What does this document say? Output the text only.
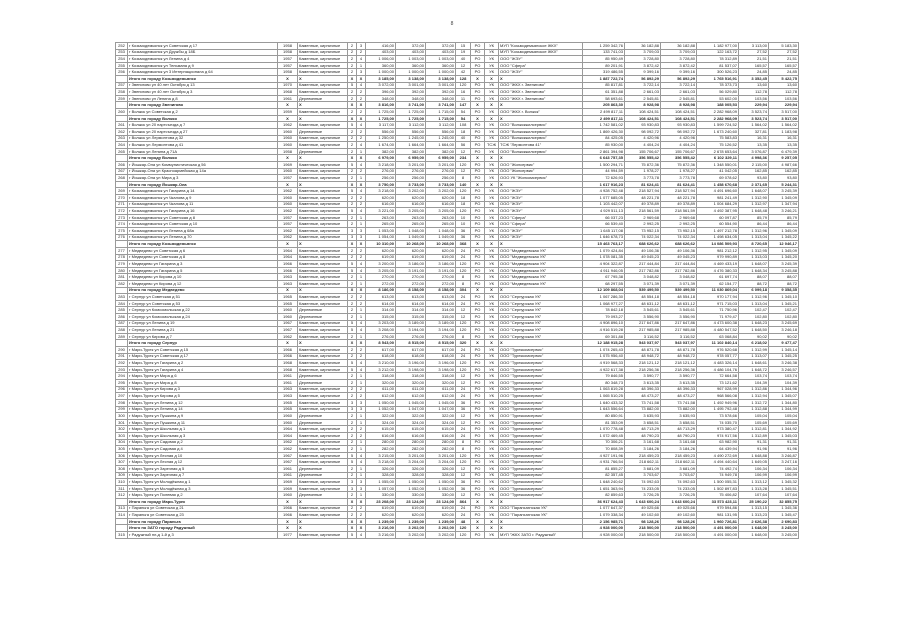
8
252	г Козьмодемьянск ул Советская д 17	1958	Каменные, кирпичные	2	3	416,00	372,00	372,00	15	РО	УК	МУП "Козьмодемьянское ЖКХ"	1 259 342,76	36 182,88	36 182,88	1 182 977,00	3 113,00	5 183,30
253	г Козьмодемьянск ул Дружбы д 18Б	1958	Каменные, кирпичные	2	2	403,00	403,00	403,00	19	РО	УК	МУП "Козьмодемьянское ЖКХ"	133 741,03	3 709,03	3 709,03	122 163,72	27,52	27,52
254	г Козьмодемьянск ул Ленина д 4	1957	Каменные, кирпичные	2	4	1 006,00	1 003,00	1 003,00	40	РО	УК	ООО "ЖЭУ"	85 950,49	3 728,80	3 728,80	78 312,89	21,51	21,51
255	г Козьмодемьянск ул Тельмана д 9	1957	Каменные, кирпичные	2	1	360,00	360,00	360,00	12	РО	УК	ООО "Сфера"	89 201,91	3 872,42	3 872,42	81 537,07	165,57	165,57
256	г Козьмодемьянск ул 3 Интернационала д 64	1958	Каменные, кирпичные	2	3	1 000,00	1 000,00	1 000,00	42	РО	УК	ООО "ЖЭУ"	319 486,55	9 399,16	9 399,16	300 526,23	24,85	24,85
	Итого по городу Козьмодемьянск	Х	Х	Х	Х	3 185,00	3 138,00	3 138,00	128	Х	Х	Х	1 887 722,74	56 892,29	56 892,29	1 765 516,91	3 352,45	5 422,75
257	г Звенигово ул 40 лет Октября д 13	1970	Каменные, кирпичные	5	4	3 072,00	3 001,00	3 001,00	120	РО	УК	ООО "ЖКХ г. Звенигово"	85 817,81	3 722,14	3 722,14	78 373,73	13,60	13,60
258	г Звенигово ул 40 лет Октября д 3	1968	Каменные, кирпичные	2	2	396,00	392,00	392,00	16	РО	УК	ООО "ЖКХ г. Звенигово"	61 351,88	2 661,03	2 661,03	56 029,80	112,78	112,78
259	г Звенигово ул Ленина д 8	1961	Деревянные	2	2	348,00	348,00	348,00	11	РО	УК	ООО "ЖКХ г. Звенигово"	58 693,61	2 545,81	2 545,81	53 602,00	103,56	103,56
	Итого по городу Звенигово	Х	Х	Х	Х	3 816,00	3 741,00	3 741,00	147	Х	Х	Х	205 863,30	8 928,98	8 928,98	188 005,53	229,94	229,94
260	г Волжск ул Советская д 2	1959	Каменные, кирпичные	2	2	1 725,00	1 725,00	1 715,00	54	РО	УК	ООО "ЖКХ г. Волжск"	2 499 817,11	108 424,51	108 424,51	2 282 968,09	3 523,74	3 517,00
	Итого по городу Волжск	Х	Х	Х	Х	1 725,00	1 725,00	1 715,00	54	Х	Х	Х	2 499 817,11	108 424,51	108 424,51	2 282 968,09	3 523,74	3 517,00
261	г Волжск ул 20 партсъезда д 7	1962	Каменные, кирпичные	5	4	3 117,00	3 112,00	3 112,00	108	РО	УК	ООО "Волжскжилсервис"	1 742 581,02	93 930,83	93 930,83	1 599 724,52	1 564,02	1 564,02
262	г Волжск ул 20 партсъезда д 27	1960	Деревянные	2	2	556,00	556,00	556,00	18	РО	УК	ООО "Волжскжилсервис"	1 869 426,30	98 092,72	98 092,72	1 673 240,60	327,81	1 183,98
263	г Волжск ул Лермонтова д 32	1960	Каменные, кирпичные	2	2	1 250,00	1 245,00	1 245,00	40	РО	УК	ООО "Волжскжилсервис"	84 425,05	4 420,96	4 420,96	75 583,83	16,31	16,31
264	г Волжск ул Лермонтова д 41	1960	Каменные, кирпичные	2	4	1 674,00	1 664,00	1 664,00	56	РО	ТСЖ	ТСЖ "Лермонтова 41"	85 930,00	4 404,24	4 404,24	75 126,52	13,35	13,35
265	г Волжск ул Ленина д 71А	1958	Деревянные	2	1	382,00	382,00	382,00	12	РО	УК	ООО "Волжскжилсервис"	2 861 394,98	155 706,67	155 706,67	2 678 653,64	3 076,87	6 479,39
	Итого по городу Волжск	Х	Х	Х	Х	6 979,00	6 959,00	6 959,00	234	Х	Х	Х	6 643 757,35	356 555,42	356 555,42	6 102 329,11	4 998,36	9 257,05
266	г Йошкар-Ола ул Коммунистическая д 56	1969	Каменные, кирпичные	5	4	3 218,00	3 201,00	3 201,00	120	РО	УК	ООО "Жилсервис"	1 500 294,71	75 872,36	75 872,36	1 348 550,01	2 115,00	4 987,66
267	г Йошкар-Ола ул Красноармейская д 14а	1960	Каменные, кирпичные	2	2	276,00	276,00	276,00	12	РО	УК	ООО "Жилсервис"	44 994,59	1 978,27	1 978,27	41 042,05	162,85	162,85
268	г Йошкар-Ола ул Мира д 3	1957	Каменные, кирпичные	2	1	256,00	256,00	256,00	8	РО	УК	ООО УК "Жилкомсервис"	72 626,93	3 773,78	3 773,78	69 078,62	93,80	93,80
	Итого по городу Йошкар-Ола	Х	Х	Х	Х	3 750,00	3 733,00	3 733,00	140	Х	Х	Х	1 617 916,23	81 624,41	81 624,41	1 458 670,68	2 371,65	5 244,31
269	г Козьмодемьянск ул Гагарина д 14	1962	Каменные, кирпичные	5	4	3 218,00	3 202,00	3 202,00	120	РО	УК	ООО "ЖЭУ"	4 928 752,48	218 527,94	218 527,94	4 491 696,60	1 648,07	3 245,39
270	г Козьмодемьянск ул Чкалова д 9	1960	Каменные, кирпичные	2	2	620,00	620,00	620,00	18	РО	УК	ООО "ЖЭУ"	1 077 685,05	48 221,78	48 221,78	981 241,49	1 312,90	1 345,09
271	г Козьмодемьянск ул Чкалова д 11	1960	Каменные, кирпичные	2	2	616,00	616,00	616,00	18	РО	УК	ООО "ЖЭУ"	1 103 442,07	49 378,89	49 378,89	1 004 684,29	1 312,97	1 347,94
272	г Козьмодемьянск ул Гагарина д 16	1962	Каменные, кирпичные	5	4	3 221,00	3 205,00	3 205,00	120	РО	УК	ООО "ЖЭУ"	4 929 511,13	218 561,59	218 561,59	4 492 387,95	1 648,48	3 246,21
273	г Козьмодемьянск ул Советская д 8	1957	Каменные, кирпичные	2	1	263,00	263,00	263,00	10	РО	УК	ООО "Сфера"	66 037,23	2 969,68	2 969,68	60 097,87	85,79	85,79
274	г Козьмодемьянск ул Советская д 10	1957	Каменные, кирпичные	2	1	265,00	265,00	265,00	10	РО	УК	ООО "Сфера"	66 539,40	2 992,25	2 992,25	60 554,90	86,44	86,44
275	г Козьмодемьянск ул Ленина д 68а	1962	Каменные, кирпичные	3	3	1 053,00	1 048,00	1 048,00	36	РО	УК	ООО "ЖЭУ"	1 645 117,08	73 952,15	73 952,15	1 497 212,78	1 312,96	1 345,09
276	г Козьмодемьянск ул Ленина д 70	1962	Каменные, кирпичные	3	3	1 054,00	1 049,00	1 049,00	36	РО	УК	ООО "ЖЭУ"	1 646 678,73	74 022,34	74 022,34	1 498 634,05	1 313,04	1 345,22
	Итого по городу Козьмодемьянск	Х	Х	Х	Х	10 310,00	10 268,00	10 268,00	368	Х	Х	Х	15 463 763,17	688 626,62	688 626,62	14 086 509,93	8 720,65	12 046,17
277	г Медведево ул Советская д 6	1964	Каменные, кирпичные	2	2	620,00	620,00	620,00	24	РО	УК	ООО "Медведевская УК"	1 079 424,84	49 106,36	49 106,36	981 212,12	1 312,95	1 345,09
278	г Медведево ул Советская д 8	1964	Каменные, кирпичные	2	2	619,00	619,00	619,00	24	РО	УК	ООО "Медведевская УК"	1 078 081,35	49 045,23	49 045,23	979 990,89	1 313,03	1 345,20
279	г Медведево ул Гагарина д 3	1966	Каменные, кирпичные	5	4	3 200,00	3 186,00	3 186,00	120	РО	УК	ООО "Медведевская УК"	4 904 322,87	217 444,84	217 444,84	4 469 433,19	1 648,07	3 245,39
280	г Медведево ул Гагарина д 5	1966	Каменные, кирпичные	5	4	3 205,00	3 191,00	3 191,00	120	РО	УК	ООО "Медведевская УК"	4 911 946,05	217 782,86	217 782,86	4 476 380,33	1 648,34	3 245,88
281	г Медведево ул Кирова д 10	1963	Каменные, кирпичные	2	1	270,00	270,00	270,00	8	РО	УК	ООО "Медведевская УК"	67 795,38	3 048,82	3 048,82	61 697,74	88,07	88,07
282	г Медведево ул Кирова д 12	1963	Каменные, кирпичные	2	1	272,00	272,00	272,00	8	РО	УК	ООО "Медведевская УК"	68 297,55	3 071,39	3 071,39	62 154,77	88,72	88,72
	Итого по городу Медведево	Х	Х	Х	Х	8 186,00	8 158,00	8 158,00	304	Х	Х	Х	12 109 868,04	539 499,50	539 499,50	11 030 869,04	6 099,18	9 358,35
283	г Сернур ул Советская д 51	1965	Каменные, кирпичные	2	2	613,00	613,00	613,00	24	РО	УК	ООО "Сернурская УК"	1 067 286,30	48 554,18	48 554,18	970 177,94	1 312,96	1 345,10
284	г Сернур ул Советская д 53	1965	Каменные, кирпичные	2	2	614,00	614,00	614,00	24	РО	УК	ООО "Сернурская УК"	1 068 977,27	48 631,12	48 631,12	971 715,03	1 313,04	1 345,21
285	г Сернур ул Комсомольская д 22	1960	Деревянные	2	1	314,00	314,00	314,00	12	РО	УК	ООО "Сернурская УК"	78 842,18	3 545,61	3 545,61	71 750,96	102,47	102,47
286	г Сернур ул Комсомольская д 24	1960	Деревянные	2	1	315,00	315,00	315,00	12	РО	УК	ООО "Сернурская УК"	79 093,27	3 556,90	3 556,90	71 979,47	102,80	102,80
287	г Сернур ул Ленина д 19	1967	Каменные, кирпичные	5	4	3 203,00	3 189,00	3 189,00	120	РО	УК	ООО "Сернурская УК"	4 908 896,10	217 647,86	217 647,86	4 473 600,38	1 648,23	3 245,69
288	г Сернур ул Ленина д 21	1967	Каменные, кирпичные	5	4	3 208,00	3 194,00	3 194,00	120	РО	УК	ООО "Сернурская УК"	4 916 519,28	217 985,88	217 985,88	4 480 547,52	1 648,50	3 246,18
289	г Сернур ул Кирова д 7	1962	Каменные, кирпичные	2	1	276,00	276,00	276,00	8	РО	УК	ООО "Сернурская УК"	69 301,88	3 116,52	3 116,52	63 068,84	90,02	90,02
	Итого по городу Сернур	Х	Х	Х	Х	8 543,00	8 515,00	8 515,00	320	Х	Х	Х	12 188 915,28	543 037,97	543 037,97	11 102 840,14	6 218,02	9 477,47
290	г Мари-Турек ул Советская д 15	1966	Каменные, кирпичные	2	2	617,00	617,00	617,00	24	РО	УК	ООО "Туреккомсервис"	1 074 265,43	48 871,78	48 871,78	976 520,68	1 312,99	1 345,14
291	г Мари-Турек ул Советская д 17	1966	Каменные, кирпичные	2	2	618,00	618,00	618,00	24	РО	УК	ООО "Туреккомсервис"	1 075 956,40	48 948,72	48 948,72	978 057,77	1 313,07	1 345,25
292	г Мари-Турек ул Гагарина д 2	1968	Каменные, кирпичные	5	4	3 210,00	3 196,00	3 196,00	120	РО	УК	ООО "Туреккомсервис"	4 919 568,33	218 121,12	218 121,12	4 483 326,14	1 648,61	3 246,38
293	г Мари-Турек ул Гагарина д 4	1968	Каменные, кирпичные	5	4	3 212,00	3 198,00	3 198,00	120	РО	УК	ООО "Туреккомсервис"	4 922 617,38	218 256,36	218 256,36	4 486 104,76	1 648,72	3 246,57
294	г Мари-Турек ул Мира д 6	1961	Деревянные	2	1	318,00	318,00	318,00	12	РО	УК	ООО "Туреккомсервис"	79 846,55	3 590,77	3 590,77	72 664,58	103,74	103,74
295	г Мари-Турек ул Мира д 8	1961	Деревянные	2	1	320,00	320,00	320,00	12	РО	УК	ООО "Туреккомсервис"	80 348,73	3 613,35	3 613,35	73 121,62	104,39	104,39
296	г Мари-Турек ул Кирова д 3	1963	Каменные, кирпичные	2	2	611,00	611,00	611,00	24	РО	УК	ООО "Туреккомсервис"	1 063 819,28	48 396,33	48 396,33	967 028,99	1 312,86	1 344,96
297	г Мари-Турек ул Кирова д 5	1963	Каменные, кирпичные	2	2	612,00	612,00	612,00	24	РО	УК	ООО "Туреккомсервис"	1 065 510,25	48 473,27	48 473,27	968 566,08	1 312,94	1 345,07
298	г Мари-Турек ул Ленина д 12	1965	Каменные, кирпичные	3	3	1 050,00	1 045,00	1 045,00	36	РО	УК	ООО "Туреккомсервис"	1 640 433,32	73 741,58	73 741,58	1 492 949,96	1 312,72	1 344,80
299	г Мари-Турек ул Ленина д 14	1965	Каменные, кирпичные	3	3	1 052,00	1 047,00	1 047,00	36	РО	УК	ООО "Туреккомсервис"	1 643 556,64	73 882,00	73 882,00	1 495 792,48	1 312,88	1 344,99
300	г Мари-Турек ул Пушкина д 9	1960	Деревянные	2	1	322,00	322,00	322,00	12	РО	УК	ООО "Туреккомсервис"	80 850,91	3 635,93	3 635,93	73 578,66	105,04	105,04
301	г Мари-Турек ул Пушкина д 11	1960	Деревянные	2	1	324,00	324,00	324,00	12	РО	УК	ООО "Туреккомсервис"	81 353,09	3 658,51	3 658,51	74 035,70	105,69	105,69
302	г Мари-Турек ул Школьная д 1	1964	Каменные, кирпичные	2	2	615,00	615,00	615,00	24	РО	УК	ООО "Туреккомсервис"	1 070 778,48	48 713,29	48 713,29	973 380,47	1 312,81	1 344,92
303	г Мари-Турек ул Школьная д 3	1964	Каменные, кирпичные	2	2	616,00	616,00	616,00	24	РО	УК	ООО "Туреккомсервис"	1 072 469,45	48 790,23	48 790,23	974 917,56	1 312,89	1 345,03
304	г Мари-Турек ул Садовая д 2	1962	Каменные, кирпичные	2	1	280,00	280,00	280,00	8	РО	УК	ООО "Туреккомсервис"	70 306,21	3 161,68	3 161,68	63 982,90	91,31	91,31
305	г Мари-Турек ул Садовая д 4	1962	Каменные, кирпичные	2	1	282,00	282,00	282,00	8	РО	УК	ООО "Туреккомсервис"	70 808,39	3 184,26	3 184,26	64 439,94	91,96	91,96
306	г Мари-Турек ул Лесная д 10	1967	Каменные, кирпичные	5	4	3 215,00	3 201,00	3 201,00	120	РО	УК	ООО "Туреккомсервис"	4 927 191,96	218 459,23	218 459,23	4 490 272,69	1 648,88	3 246,87
307	г Мари-Турек ул Лесная д 12	1967	Каменные, кирпичные	5	4	3 218,00	3 204,00	3 204,00	120	РО	УК	ООО "Туреккомсервис"	4 931 766,54	218 662,11	218 662,11	4 494 440,64	1 649,05	3 247,16
308	г Мари-Турек ул Заречная д 5	1961	Деревянные	2	1	326,00	326,00	326,00	12	РО	УК	ООО "Туреккомсервис"	81 855,27	3 681,09	3 681,09	74 492,74	106,34	106,34
309	г Мари-Турек ул Заречная д 7	1961	Деревянные	2	1	328,00	328,00	328,00	12	РО	УК	ООО "Туреккомсервис"	82 357,45	3 703,67	3 703,67	74 949,78	106,99	106,99
310	г Мари-Турек ул Молодёжная д 1	1969	Каменные, кирпичные	3	3	1 055,00	1 050,00	1 050,00	36	РО	УК	ООО "Туреккомсервис"	1 648 240,62	74 092,63	74 092,63	1 500 055,31	1 313,12	1 345,32
311	г Мари-Турек ул Молодёжная д 3	1969	Каменные, кирпичные	3	3	1 057,00	1 052,00	1 052,00	36	РО	УК	ООО "Туреккомсервис"	1 651 363,94	74 233,05	74 233,05	1 502 897,83	1 313,28	1 345,51
312	г Мари-Турек ул Полевая д 2	1960	Деревянные	2	1	330,00	330,00	330,00	12	РО	УК	ООО "Туреккомсервис"	82 859,63	3 726,25	3 726,25	75 406,82	107,64	107,64
	Итого по городу Мари-Турек	Х	Х	Х	Х	23 208,00	23 124,00	23 124,00	864	Х	Х	Х	36 917 624,43	1 643 600,24	1 643 600,24	33 573 423,11	25 190,22	32 855,75
313	г Параньга ул Советская д 21	1966	Каменные, кирпичные	2	2	619,00	619,00	619,00	24	РО	УК	ООО "Параньгинская УК"	1 077 647,37	49 025,66	49 025,66	979 594,86	1 313,15	1 345,36
314	г Параньга ул Советская д 23	1966	Каменные, кирпичные	2	2	620,00	620,00	620,00	24	РО	УК	ООО "Параньгинская УК"	1 079 338,34	49 102,60	49 102,60	981 131,95	1 313,23	1 345,47
	Итого по городу Параньга	Х	Х	Х	Х	1 239,00	1 239,00	1 239,00	48	Х	Х	Х	2 156 985,71	98 128,26	98 128,26	1 960 726,81	2 626,38	2 690,83
	Итого по ЗАТО городу Радужный	Х	Х	Х	Х	3 216,00	3 202,00	3 202,00	120	Х	Х	Х	4 928 000,00	218 500,00	218 500,00	4 491 000,00	1 648,00	3 245,00
315	г Радужный пл-д 1-й д 3	1977	Каменные, кирпичные	5	4	3 216,00	3 202,00	3 202,00	120	РО	УК	МУП "ЖКХ ЗАТО г. Радужный"	4 928 000,00	218 500,00	218 500,00	4 491 000,00	1 648,00	3 245,00
